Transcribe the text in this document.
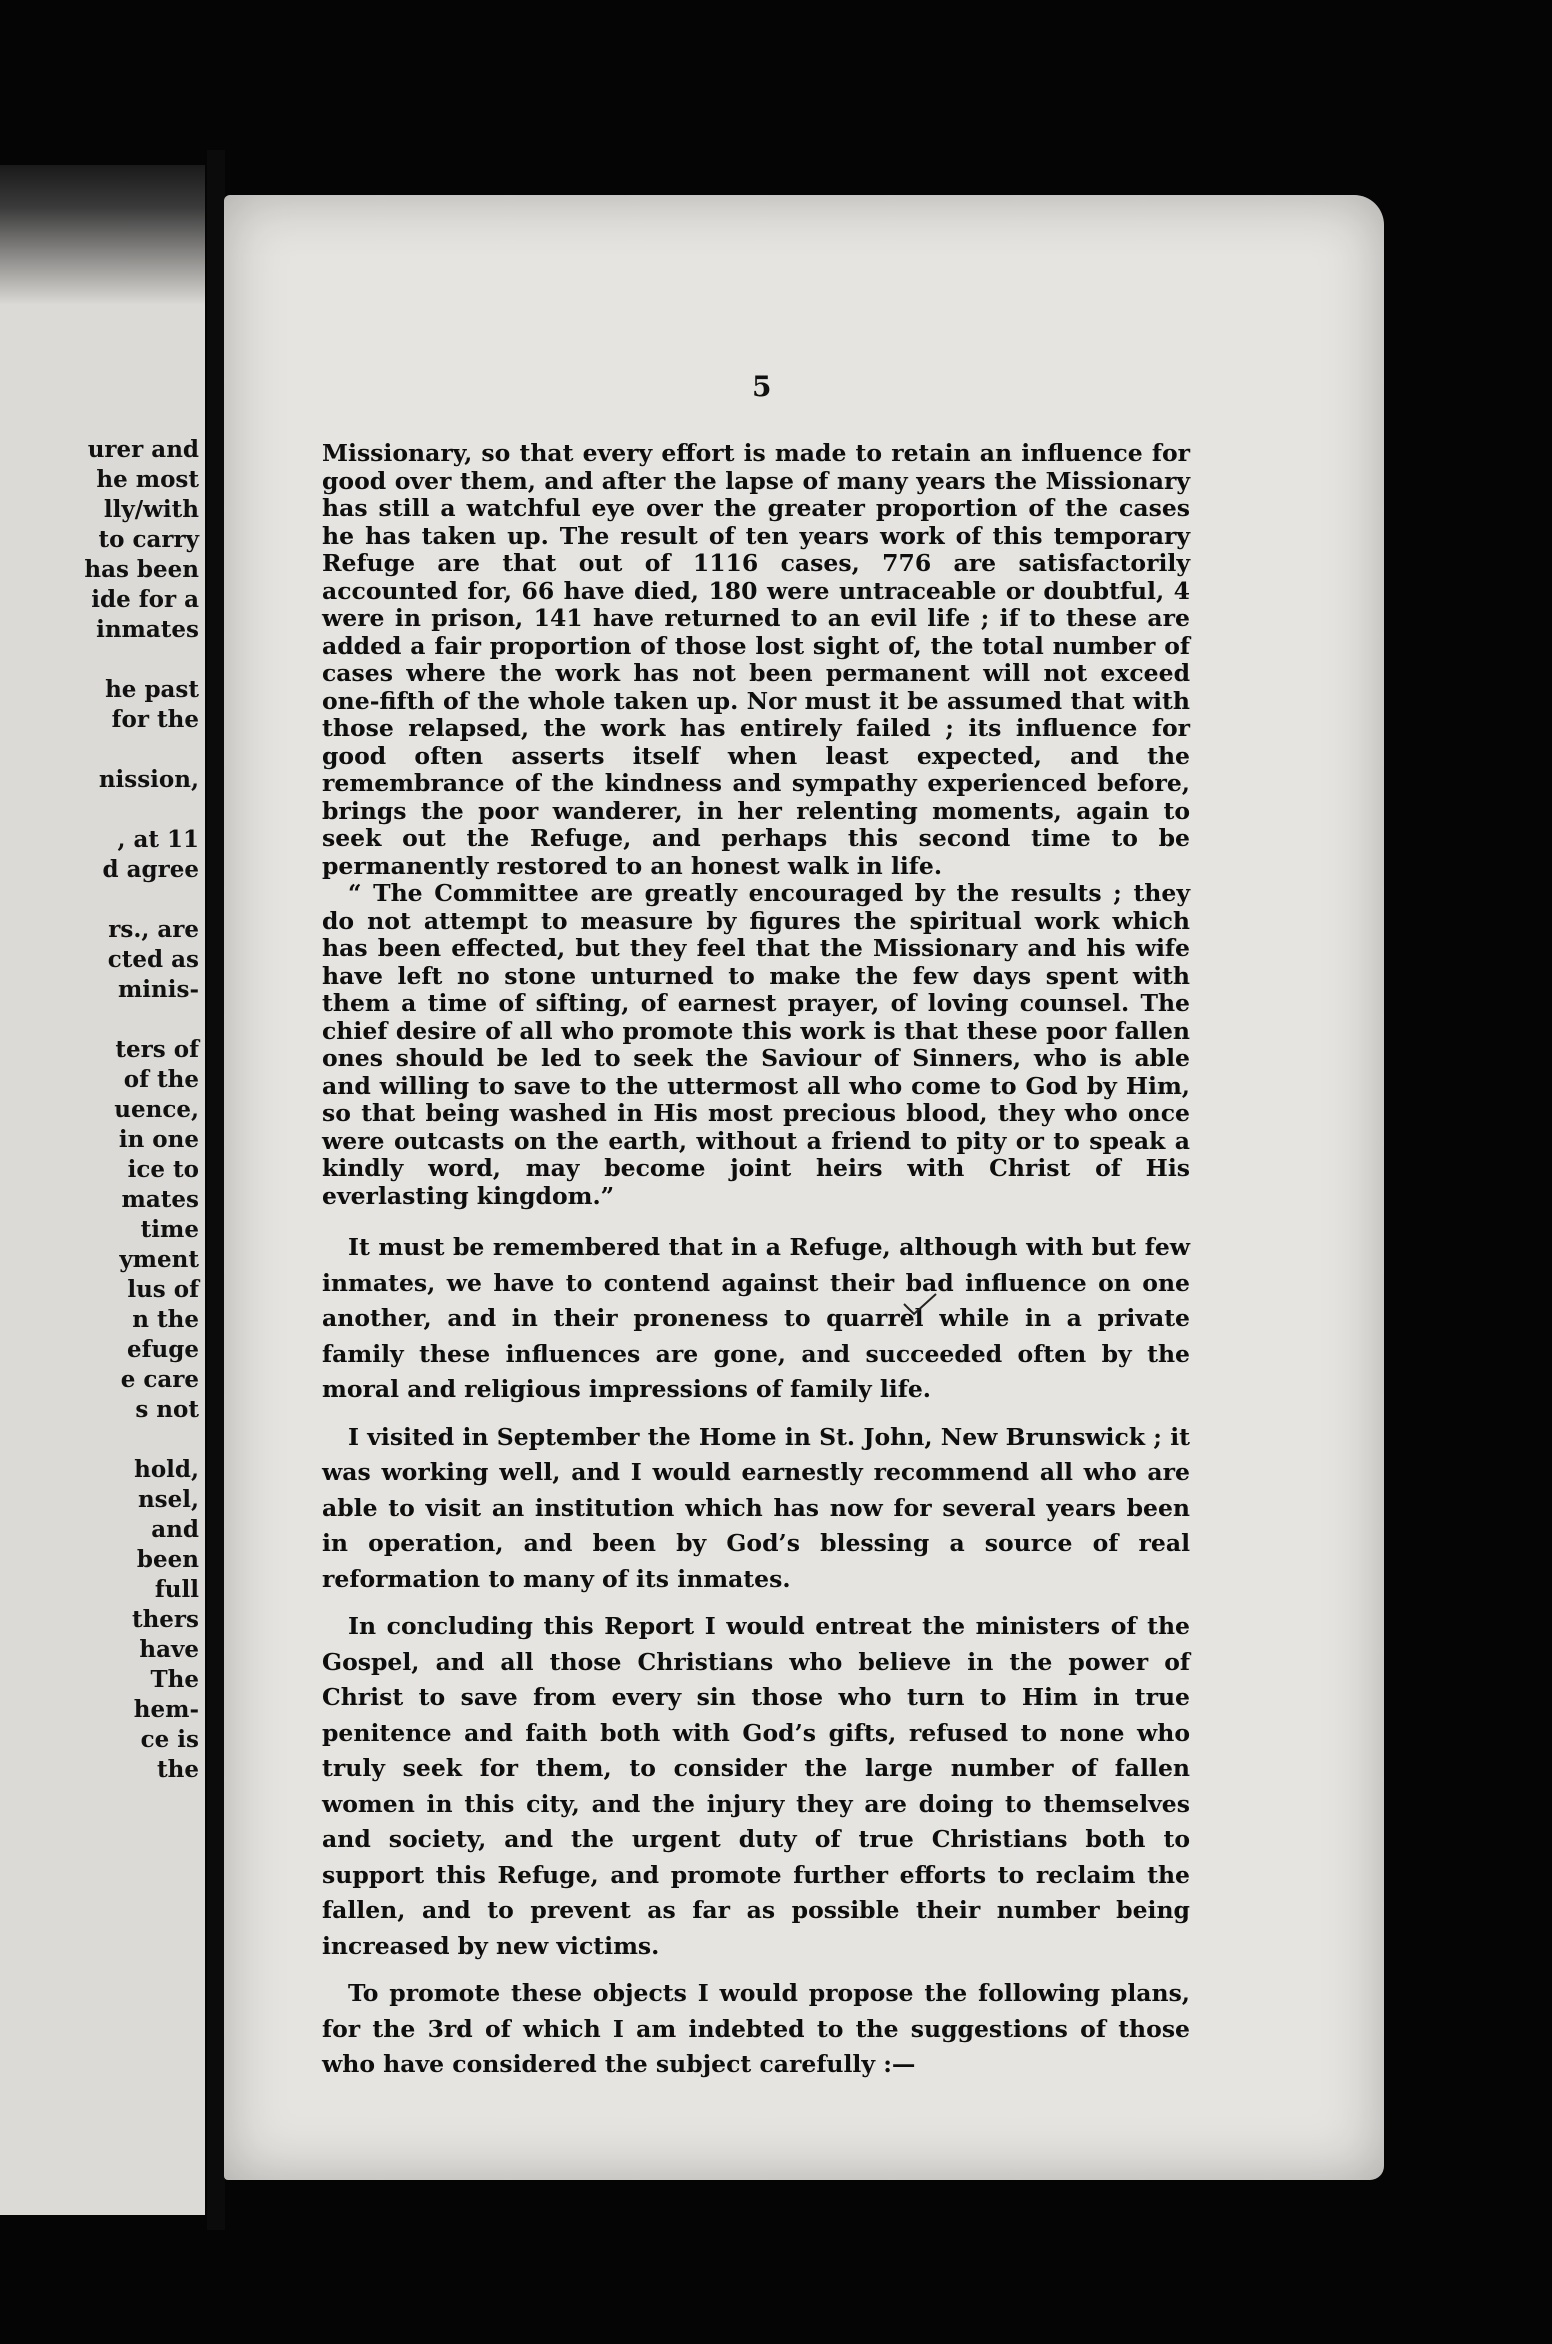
urer and
he most
lly/with
to carry
has been
ide for a
inmates
he past
for the
nission,
, at 11
d agree
rs., are
cted as
minis-
ters of
of the
uence,
in one
ice to
mates
time
yment
lus of
n the
efuge
e care
s not
hold,
nsel,
and
been
full
thers
have
The
hem-
ce is
the
5

Missionary, so that every effort is made to retain an influence for good over them, and after the lapse of many years the Missionary has still a watchful eye over the greater proportion of the cases he has taken up. The result of ten years work of this temporary Refuge are that out of 1116 cases, 776 are satisfactorily accounted for, 66 have died, 180 were untraceable or doubtful, 4 were in prison, 141 have returned to an evil life ; if to these are added a fair proportion of those lost sight of, the total number of cases where the work has not been permanent will not exceed one-fifth of the whole taken up. Nor must it be assumed that with those relapsed, the work has entirely failed ; its influence for good often asserts itself when least expected, and the remembrance of the kindness and sympathy experienced before, brings the poor wanderer, in her relenting moments, again to seek out the Refuge, and perhaps this second time to be permanently restored to an honest walk in life.

“ The Committee are greatly encouraged by the results ; they do not attempt to measure by figures the spiritual work which has been effected, but they feel that the Missionary and his wife have left no stone unturned to make the few days spent with them a time of sifting, of earnest prayer, of loving counsel. The chief desire of all who promote this work is that these poor fallen ones should be led to seek the Saviour of Sinners, who is able and willing to save to the uttermost all who come to God by Him, so that being washed in His most precious blood, they who once were outcasts on the earth, without a friend to pity or to speak a kindly word, may become joint heirs with Christ of His everlasting kingdom.”

It must be remembered that in a Refuge, although with but few inmates, we have to contend against their bad influence on one another, and in their proneness to quarrel while in a private family these influences are gone, and succeeded often by the moral and religious impressions of family life.

I visited in September the Home in St. John, New Brunswick ; it was working well, and I would earnestly recommend all who are able to visit an institution which has now for several years been in operation, and been by God’s blessing a source of real reformation to many of its inmates.

In concluding this Report I would entreat the ministers of the Gospel, and all those Christians who believe in the power of Christ to save from every sin those who turn to Him in true penitence and faith both with God’s gifts, refused to none who truly seek for them, to consider the large number of fallen women in this city, and the injury they are doing to themselves and society, and the urgent duty of true Christians both to support this Refuge, and promote further efforts to reclaim the fallen, and to prevent as far as possible their number being increased by new victims.

To promote these objects I would propose the following plans, for the 3rd of which I am indebted to the suggestions of those who have considered the subject carefully :—
